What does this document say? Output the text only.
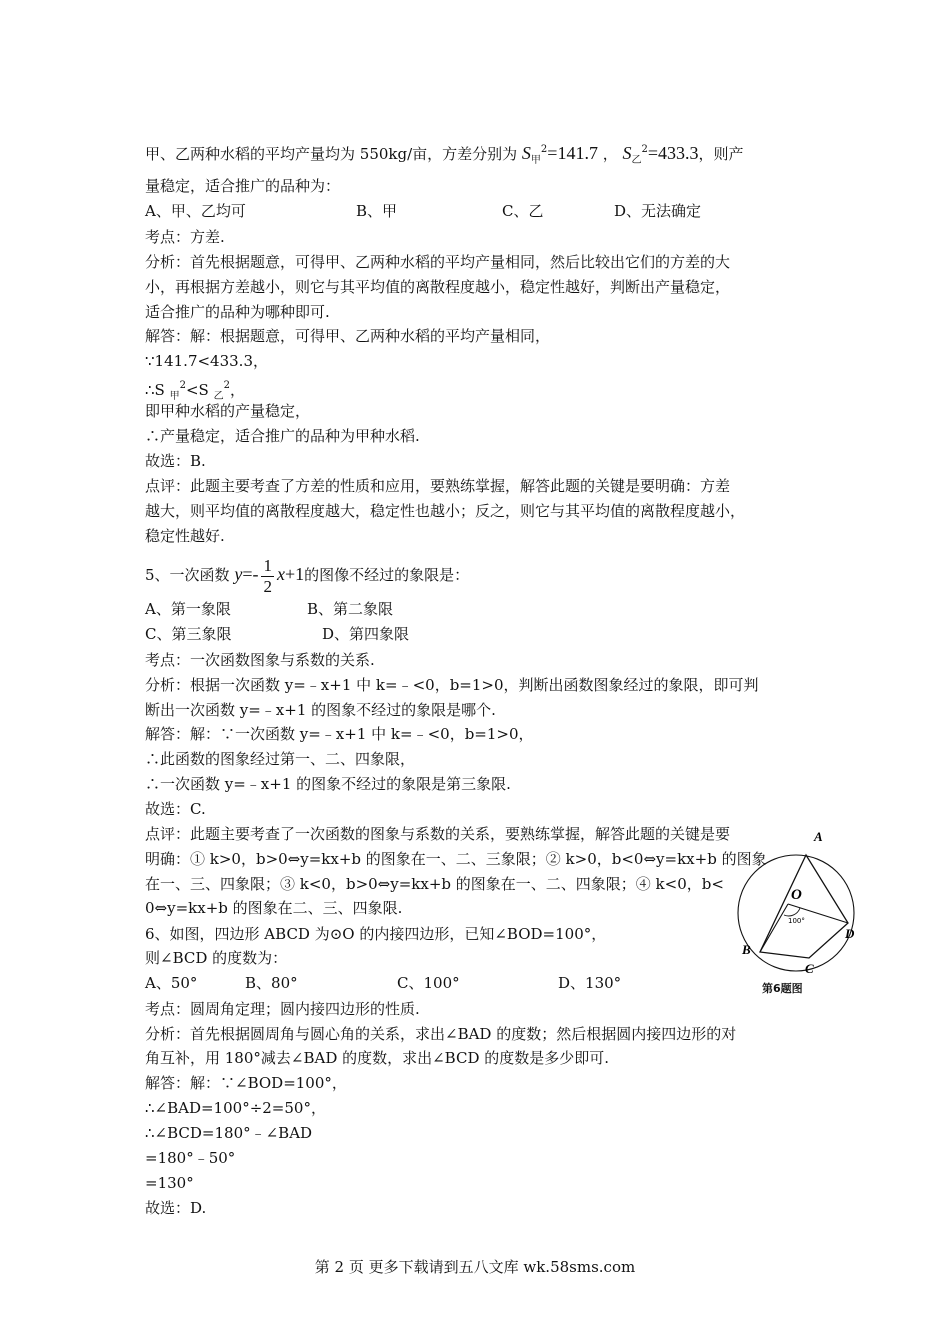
甲、乙两种水稻的平均产量均为 550kg/亩，方差分别为 $S_甲^2=141.7$ ， $S_乙^2=433.3$，则产
量稳定，适合推广的品种为：
A、甲、乙均可	B、甲	C、乙	D、无法确定
考点：方差.
分析：首先根据题意，可得甲、乙两种水稻的平均产量相同，然后比较出它们的方差的大
小，再根据方差越小，则它与其平均值的离散程度越小，稳定性越好，判断出产量稳定，
适合推广的品种为哪种即可.
解答：解：根据题意，可得甲、乙两种水稻的平均产量相同，
∵141.7<433.3，
∴S $_甲^2$<S $_乙^2$，
即甲种水稻的产量稳定，
∴产量稳定，适合推广的品种为甲种水稻.
故选：B.
点评：此题主要考查了方差的性质和应用，要熟练掌握，解答此题的关键是要明确：方差
越大，则平均值的离散程度越大，稳定性也越小；反之，则它与其平均值的离散程度越小，
稳定性越好.
5、一次函数 $y=- \frac{1}{2} x+1$的图像不经过的象限是：
A、第一象限	B、第二象限
C、第三象限	D、第四象限
考点：一次函数图象与系数的关系.
分析：根据一次函数 y=﹣x+1 中 k=﹣<0，b=1>0，判断出函数图象经过的象限，即可判
断出一次函数 y=﹣x+1 的图象不经过的象限是哪个.
解答：解：∵一次函数 y=﹣x+1 中 k=﹣<0，b=1>0，
∴此函数的图象经过第一、二、四象限，
∴一次函数 y=﹣x+1 的图象不经过的象限是第三象限.
故选：C.
点评：此题主要考查了一次函数的图象与系数的关系，要熟练掌握，解答此题的关键是要
明确：① k>0，b>0⇔y=kx+b 的图象在一、二、三象限；② k>0，b<0⇔y=kx+b 的图象
在一、三、四象限；③ k<0，b>0⇔y=kx+b 的图象在一、二、四象限；④ k<0，b<
0⇔y=kx+b 的图象在二、三、四象限.
6、如图，四边形 ABCD 为⊙O 的内接四边形，已知∠BOD=100°，
则∠BCD 的度数为：
A、50°	B、80°	C、100°	D、130°
考点：圆周角定理；圆内接四边形的性质.
分析：首先根据圆周角与圆心角的关系，求出∠BAD 的度数；然后根据圆内接四边形的对
角互补，用 180°减去∠BAD 的度数，求出∠BCD 的度数是多少即可.
解答：解：∵∠BOD=100°，
∴∠BAD=100°÷2=50°，
∴∠BCD=180°﹣∠BAD
=180°﹣50°
=130°
故选：D.
A
O
100°
B
D
C
第6题图
第 2 页 更多下载请到五八文库 wk.58sms.com
